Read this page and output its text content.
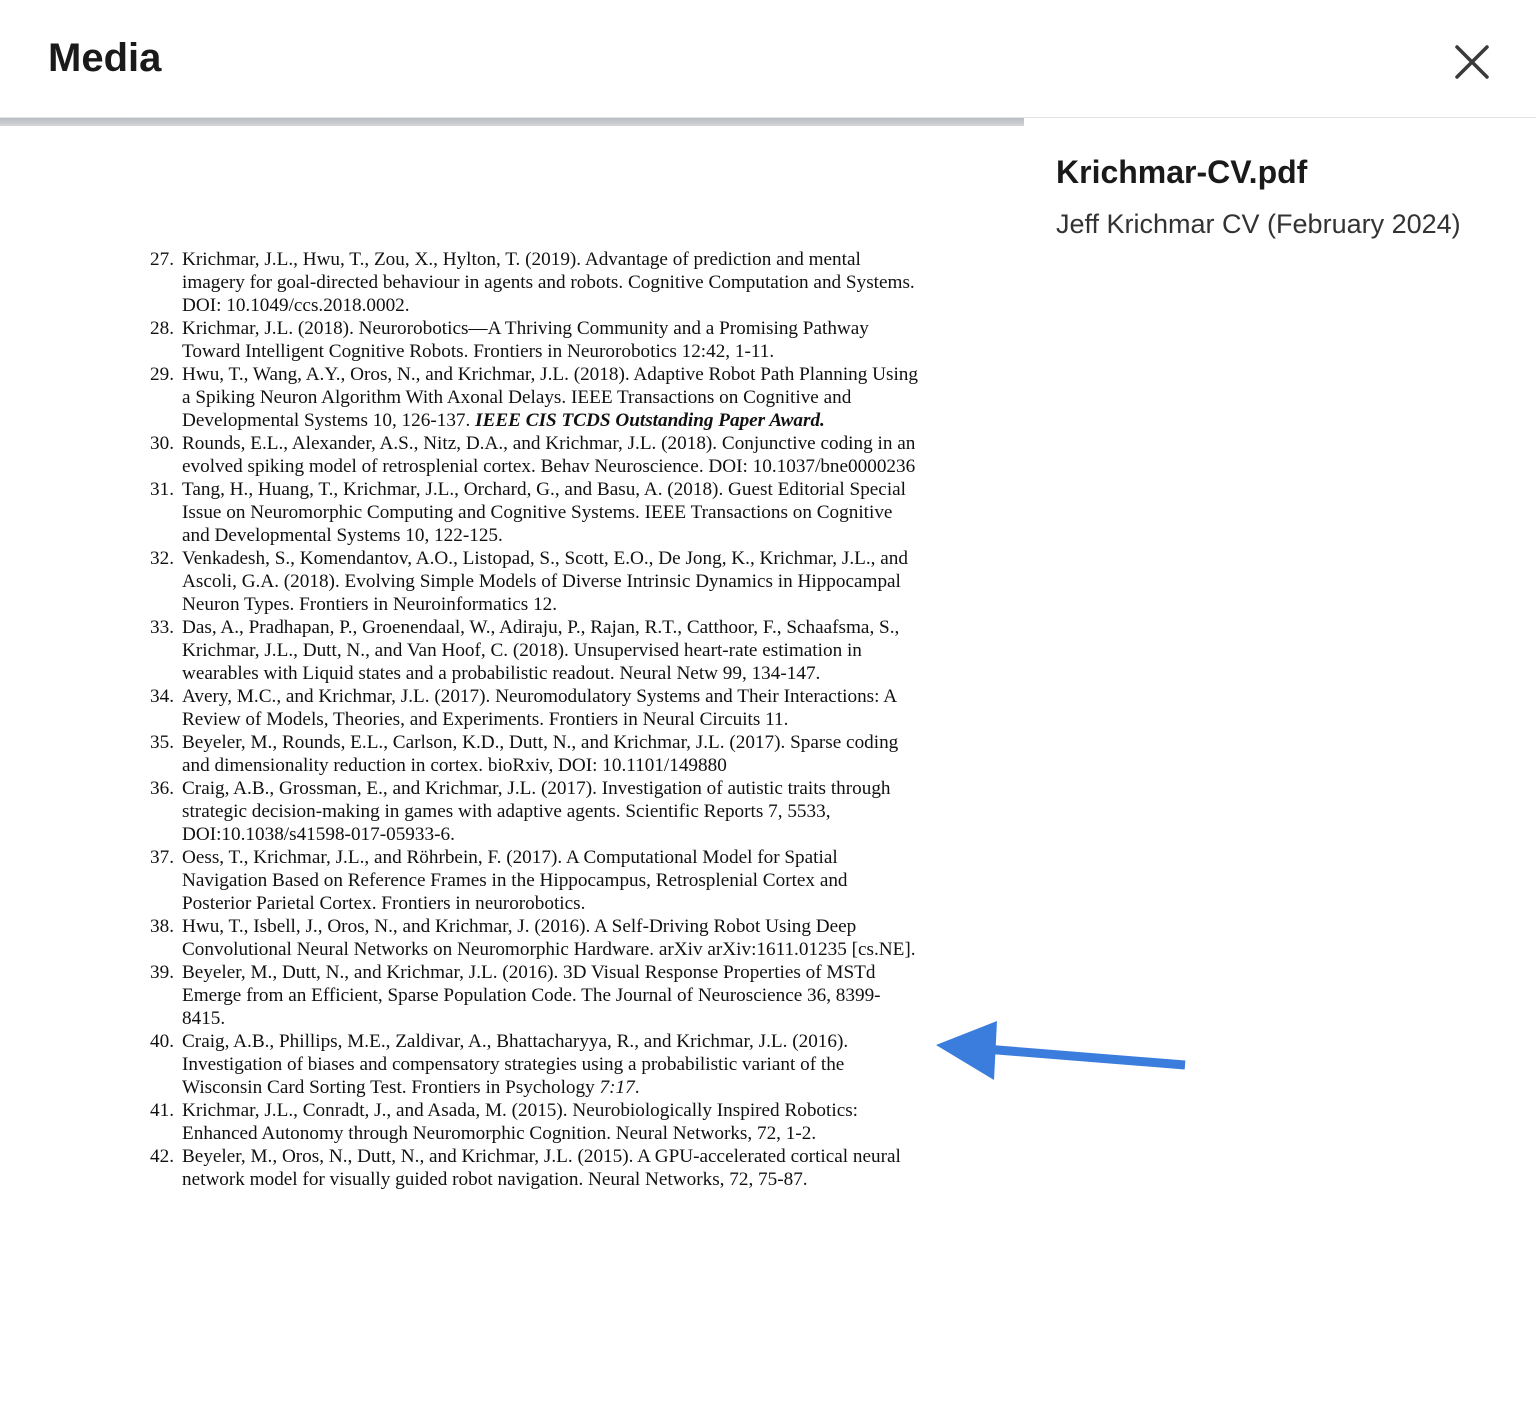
Media
27. Krichmar, J.L., Hwu, T., Zou, X., Hylton, T. (2019). Advantage of prediction and mental imagery for goal-directed behaviour in agents and robots. Cognitive Computation and Systems. DOI: 10.1049/ccs.2018.0002.
28. Krichmar, J.L. (2018). Neurorobotics—A Thriving Community and a Promising Pathway Toward Intelligent Cognitive Robots. Frontiers in Neurorobotics 12:42, 1-11.
29. Hwu, T., Wang, A.Y., Oros, N., and Krichmar, J.L. (2018). Adaptive Robot Path Planning Using a Spiking Neuron Algorithm With Axonal Delays. IEEE Transactions on Cognitive and Developmental Systems 10, 126-137. IEEE CIS TCDS Outstanding Paper Award.
30. Rounds, E.L., Alexander, A.S., Nitz, D.A., and Krichmar, J.L. (2018). Conjunctive coding in an evolved spiking model of retrosplenial cortex. Behav Neuroscience. DOI: 10.1037/bne0000236
31. Tang, H., Huang, T., Krichmar, J.L., Orchard, G., and Basu, A. (2018). Guest Editorial Special Issue on Neuromorphic Computing and Cognitive Systems. IEEE Transactions on Cognitive and Developmental Systems 10, 122-125.
32. Venkadesh, S., Komendantov, A.O., Listopad, S., Scott, E.O., De Jong, K., Krichmar, J.L., and Ascoli, G.A. (2018). Evolving Simple Models of Diverse Intrinsic Dynamics in Hippocampal Neuron Types. Frontiers in Neuroinformatics 12.
33. Das, A., Pradhapan, P., Groenendaal, W., Adiraju, P., Rajan, R.T., Catthoor, F., Schaafsma, S., Krichmar, J.L., Dutt, N., and Van Hoof, C. (2018). Unsupervised heart-rate estimation in wearables with Liquid states and a probabilistic readout. Neural Netw 99, 134-147.
34. Avery, M.C., and Krichmar, J.L. (2017). Neuromodulatory Systems and Their Interactions: A Review of Models, Theories, and Experiments. Frontiers in Neural Circuits 11.
35. Beyeler, M., Rounds, E.L., Carlson, K.D., Dutt, N., and Krichmar, J.L. (2017). Sparse coding and dimensionality reduction in cortex. bioRxiv, DOI: 10.1101/149880
36. Craig, A.B., Grossman, E., and Krichmar, J.L. (2017). Investigation of autistic traits through strategic decision-making in games with adaptive agents. Scientific Reports 7, 5533, DOI:10.1038/s41598-017-05933-6.
37. Oess, T., Krichmar, J.L., and Röhrbein, F. (2017). A Computational Model for Spatial Navigation Based on Reference Frames in the Hippocampus, Retrosplenial Cortex and Posterior Parietal Cortex. Frontiers in neurorobotics.
38. Hwu, T., Isbell, J., Oros, N., and Krichmar, J. (2016). A Self-Driving Robot Using Deep Convolutional Neural Networks on Neuromorphic Hardware. arXiv arXiv:1611.01235 [cs.NE].
39. Beyeler, M., Dutt, N., and Krichmar, J.L. (2016). 3D Visual Response Properties of MSTd Emerge from an Efficient, Sparse Population Code. The Journal of Neuroscience 36, 8399-8415.
40. Craig, A.B., Phillips, M.E., Zaldivar, A., Bhattacharyya, R., and Krichmar, J.L. (2016). Investigation of biases and compensatory strategies using a probabilistic variant of the Wisconsin Card Sorting Test. Frontiers in Psychology 7:17.
41. Krichmar, J.L., Conradt, J., and Asada, M. (2015). Neurobiologically Inspired Robotics: Enhanced Autonomy through Neuromorphic Cognition. Neural Networks, 72, 1-2.
42. Beyeler, M., Oros, N., Dutt, N., and Krichmar, J.L. (2015). A GPU-accelerated cortical neural network model for visually guided robot navigation. Neural Networks, 72, 75-87.
Krichmar-CV.pdf

Jeff Krichmar CV (February 2024)
